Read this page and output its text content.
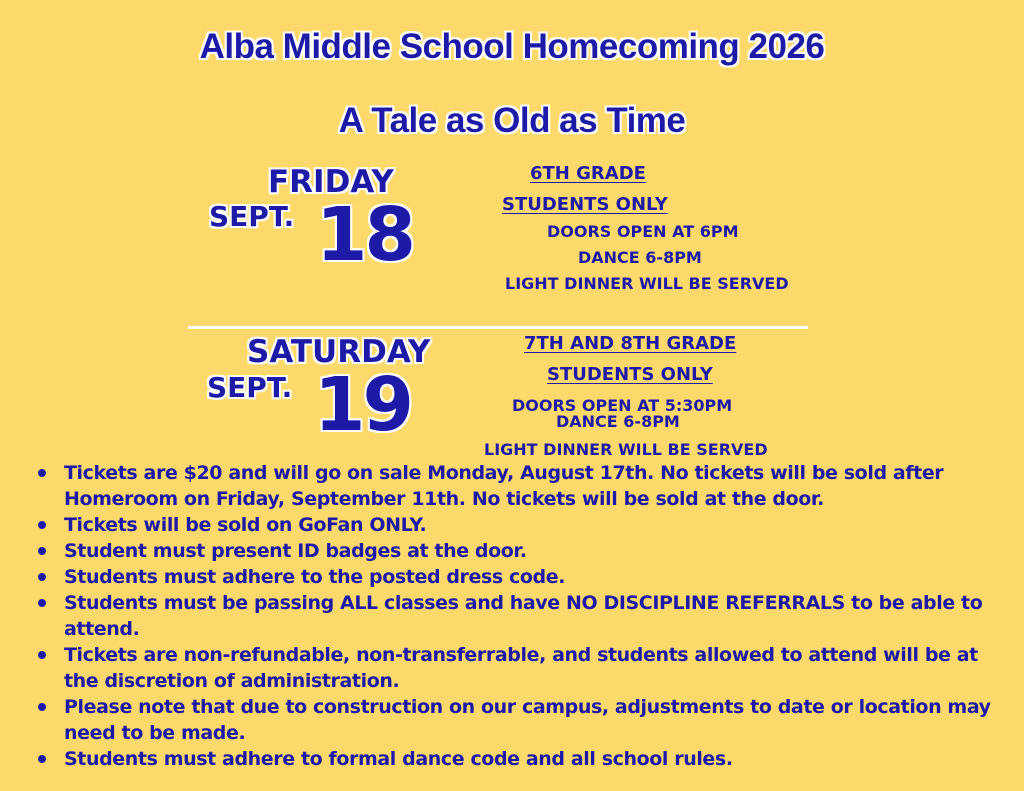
Alba Middle School Homecoming 2026
A Tale as Old as Time
FRIDAY
SEPT. 18
6TH GRADE
STUDENTS ONLY
DOORS OPEN AT 6PM
DANCE 6-8PM
LIGHT DINNER WILL BE SERVED
SATURDAY
SEPT. 19
7TH AND 8TH GRADE
STUDENTS ONLY
DOORS OPEN AT 5:30PM
DANCE 6-8PM
LIGHT DINNER WILL BE SERVED
Tickets are $20 and will go on sale Monday, August 17th. No tickets will be sold after Homeroom on Friday, September 11th. No tickets will be sold at the door.
Tickets will be sold on GoFan ONLY.
Student must present ID badges at the door.
Students must adhere to the posted dress code.
Students must be passing ALL classes and have NO DISCIPLINE REFERRALS to be able to attend.
Tickets are non-refundable, non-transferrable, and students allowed to attend will be at the discretion of administration.
Please note that due to construction on our campus, adjustments to date or location may need to be made.
Students must adhere to formal dance code and all school rules.
